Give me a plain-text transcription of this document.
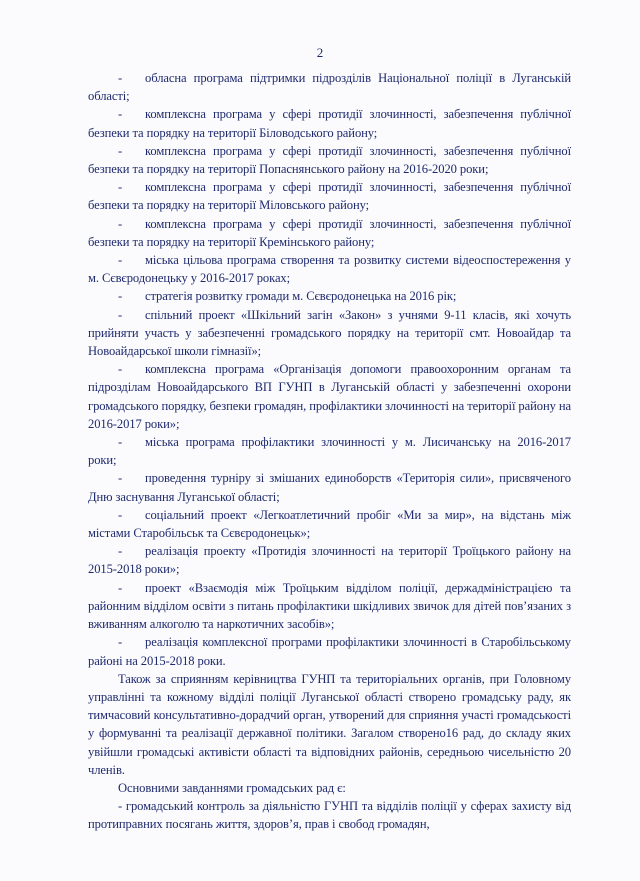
2

- обласна програма підтримки підрозділів Національної поліції в Луганській області;

- комплексна програма у сфері протидії злочинності, забезпечення публічної безпеки та порядку на території Біловодського району;

- комплексна програма у сфері протидії злочинності, забезпечення публічної безпеки та порядку на території Попаснянського району на 2016-2020 роки;

- комплексна програма у сфері протидії злочинності, забезпечення публічної безпеки та порядку на території Міловського району;

- комплексна програма у сфері протидії злочинності, забезпечення публічної безпеки та порядку на території Кремінського району;

- міська цільова програма створення та розвитку системи відеоспостереження у м. Сєвєродонецьку у 2016-2017 роках;

- стратегія розвитку громади м. Сєвєродонецька на 2016 рік;

- спільний проект «Шкільний загін «Закон» з учнями 9-11 класів, які хочуть прийняти участь у забезпеченні громадського порядку на території смт. Новоайдар та Новоайдарської школи гімназії»;

- комплексна програма «Організація допомоги правоохоронним органам та підрозділам Новоайдарського ВП ГУНП в Луганській області у забезпеченні охорони громадського порядку, безпеки громадян, профілактики злочинності на території району на 2016-2017 роки»;

- міська програма профілактики злочинності у м. Лисичанську на 2016-2017 роки;

- проведення турніру зі змішаних единоборств «Територія сили», присвяченого Дню заснування Луганської області;

- соціальний проект «Легкоатлетичний пробіг «Ми за мир», на відстань між містами Старобільськ та Сєвєродонецьк»;

- реалізація проекту «Протидія злочинності на території Троїцького району на 2015-2018 роки»;

- проект «Взаємодія між Троїцьким відділом поліції, держадміністрацією та районним відділом освіти з питань профілактики шкідливих звичок для дітей пов’язаних з вживанням алкоголю та наркотичних засобів»;

- реалізація комплексної програми профілактики злочинності в Старобільському районі на 2015-2018 роки.

Також за сприянням керівництва ГУНП та територіальних органів, при Головному управлінні та кожному відділі поліції Луганської області створено громадську раду, як тимчасовий консультативно-дорадчий орган, утворений для сприяння участі громадськості у формуванні та реалізації державної політики. Загалом створено16 рад, до складу яких увійшли громадські активісти області та відповідних районів, середньою чисельністю 20 членів.

Основними завданнями громадських рад є:

- громадський контроль за діяльністю ГУНП та відділів поліції у сферах захисту від протиправних посягань життя, здоров’я, прав і свобод громадян,
